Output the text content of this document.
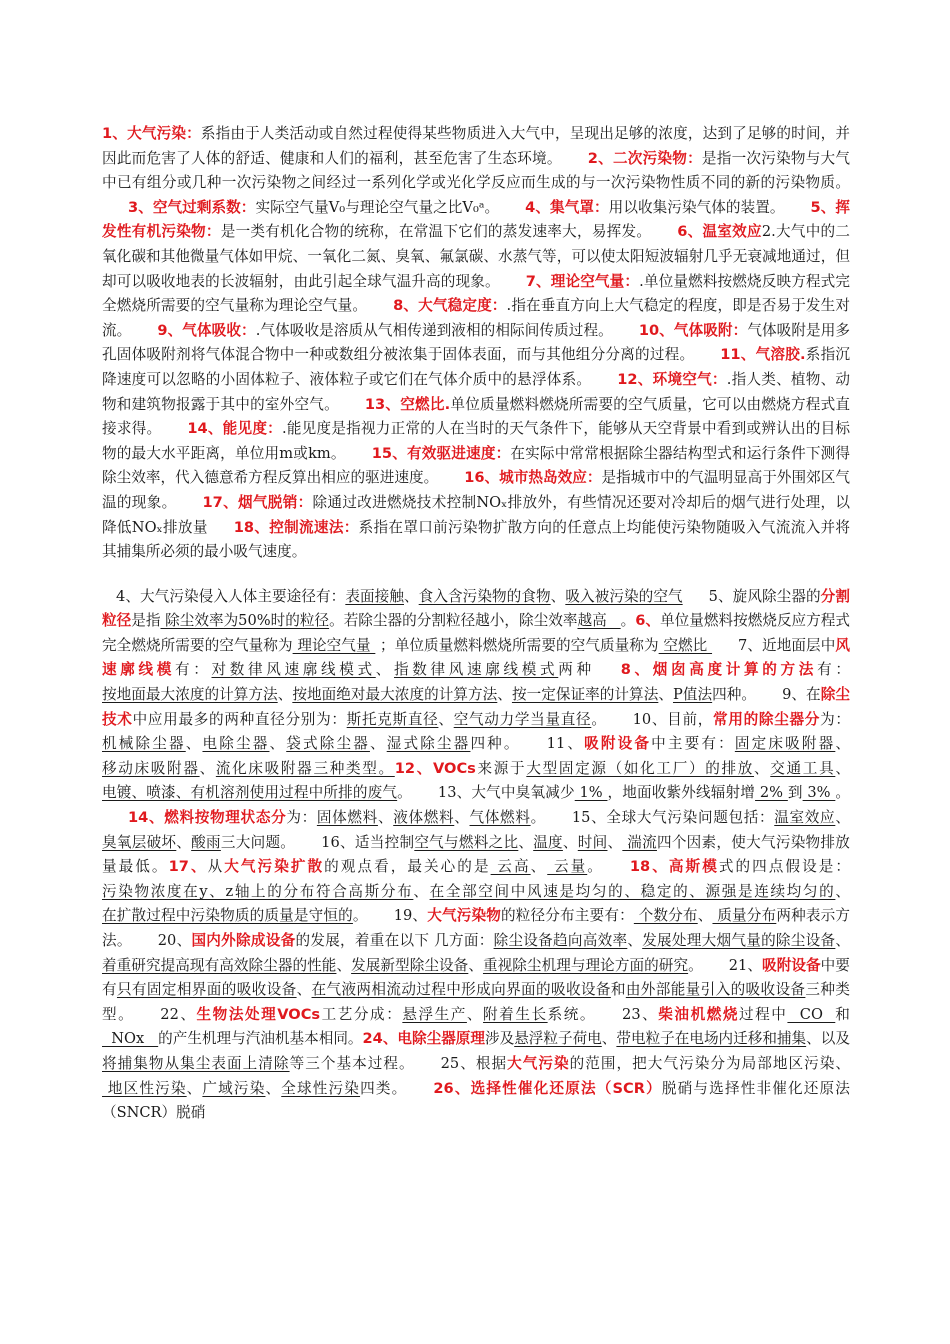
1、大气污染：系指由于人类活动或自然过程使得某些物质进入大气中，呈现出足够的浓度，达到了足够的时间，并因此而危害了人体的舒适、健康和人们的福利，甚至危害了生态环境。 2、二次污染物：是指一次污染物与大气中已有组分或几种一次污染物之间经过一系列化学或光化学反应而生成的与一次污染物性质不同的新的污染物质。3、空气过剩系数：实际空气量V₀与理论空气量之比V₀ᵃ。 4、集气罩：用以收集污染气体的装置。 5、挥发性有机污染物：是一类有机化合物的统称，在常温下它们的蒸发速率大，易挥发。 6、温室效应2.大气中的二氧化碳和其他微量气体如甲烷、一氧化二氮、臭氧、氟氯碳、水蒸气等，可以使太阳短波辐射几乎无衰减地通过，但却可以吸收地表的长波辐射，由此引起全球气温升高的现象。 7、理论空气量：.单位量燃料按燃烧反映方程式完全燃烧所需要的空气量称为理论空气量。 8、大气稳定度：.指在垂直方向上大气稳定的程度，即是否易于发生对流。 9、气体吸收：.气体吸收是溶质从气相传递到液相的相际间传质过程。 10、气体吸附：气体吸附是用多孔固体吸附剂将气体混合物中一种或数组分被浓集于固体表面，而与其他组分分离的过程。 11、气溶胶.系指沉降速度可以忽略的小固体粒子、液体粒子或它们在气体介质中的悬浮体系。 12、环境空气：.指人类、植物、动物和建筑物报露于其中的室外空气。 13、空燃比.单位质量燃料燃烧所需要的空气质量，它可以由燃烧方程式直接求得。 14、能见度：.能见度是指视力正常的人在当时的天气条件下，能够从天空背景中看到或辨认出的目标物的最大水平距离，单位用m或km。 15、有效驱进速度：在实际中常常根据除尘器结构型式和运行条件下测得除尘效率，代入德意希方程反算出相应的驱进速度。 16、城市热岛效应：是指城市中的气温明显高于外围郊区气温的现象。 17、烟气脱销：除通过改进燃烧技术控制NOₓ排放外，有些情况还要对冷却后的烟气进行处理，以降低NOₓ排放量 18、控制流速法：系指在罩口前污染物扩散方向的任意点上均能使污染物随吸入气流流入并将其捕集所必须的最小吸气速度。

4、大气污染侵入人体主要途径有：表面接触、食入含污染物的食物、吸入被污染的空气 5、旋风除尘器的分割粒径是指 除尘效率为50%时的粒径。若除尘器的分割粒径越小，除尘效率越高   。6、单位量燃料按燃烧反应方程式完全燃烧所需要的空气量称为 理论空气量  ；单位质量燃料燃烧所需要的空气质量称为 空燃比 7、近地面层中风速廓线模有：对数律风速廓线模式、指数律风速廓线模式两种 8、烟囱高度计算的方法有：按地面最大浓度的计算方法、按地面绝对最大浓度的计算方法、按一定保证率的计算法、P值法四种。 9、在除尘技术中应用最多的两种直径分别为：斯托克斯直径、空气动力学当量直径。 10、目前，常用的除尘器分为：机械除尘器、电除尘器、袋式除尘器、湿式除尘器四种。 11、吸附设备中主要有：固定床吸附器、移动床吸附器、流化床吸附器三种类型。12、VOCs来源于大型固定源（如化工厂）的排放、交通工具、电镀、喷漆、有机溶剂使用过程中所排的废气。 13、大气中臭氧减少 1% ，地面收紫外线辐射增 2% 到 3% 。14、燃料按物理状态分为：固体燃料、液体燃料、气体燃料。 15、全球大气污染问题包括：温室效应、臭氧层破坏、酸雨三大问题。 16、适当控制空气与燃料之比、温度、时间、 湍流四个因素，使大气污染物排放量最低。17、从大气污染扩散的观点看，最关心的是 云高、 云量。 18、高斯模式的四点假设是：污染物浓度在y、z轴上的分布符合高斯分布、在全部空间中风速是均匀的、稳定的、源强是连续均匀的、在扩散过程中污染物质的质量是守恒的。 19、大气污染物的粒径分布主要有： 个数分布、 质量分布两种表示方法。 20、国内外除成设备的发展，着重在以下 几方面：除尘设备趋向高效率、发展处理大烟气量的除尘设备、着重研究提高现有高效除尘器的性能、发展新型除尘设备、重视除尘机理与理论方面的研究。 21、吸附设备中要有只有固定相界面的吸收设备、在气液两相流动过程中形成向界面的吸收设备和由外部能量引入的吸收设备三种类型。 22、生物法处理VOCs工艺分成：悬浮生产、附着生长系统。 23、柴油机燃烧过程中  CO  和  NOx   的产生机理与汽油机基本相同。24、电除尘器原理涉及悬浮粒子荷电、带电粒子在电场内迁移和捕集、以及将捕集物从集尘表面上清除等三个基本过程。 25、根据大气污染的范围，把大气污染分为局部地区污染、 地区性污染、广域污染、全球性污染四类。 26、选择性催化还原法（SCR）脱硝与选择性非催化还原法（SNCR）脱硝
